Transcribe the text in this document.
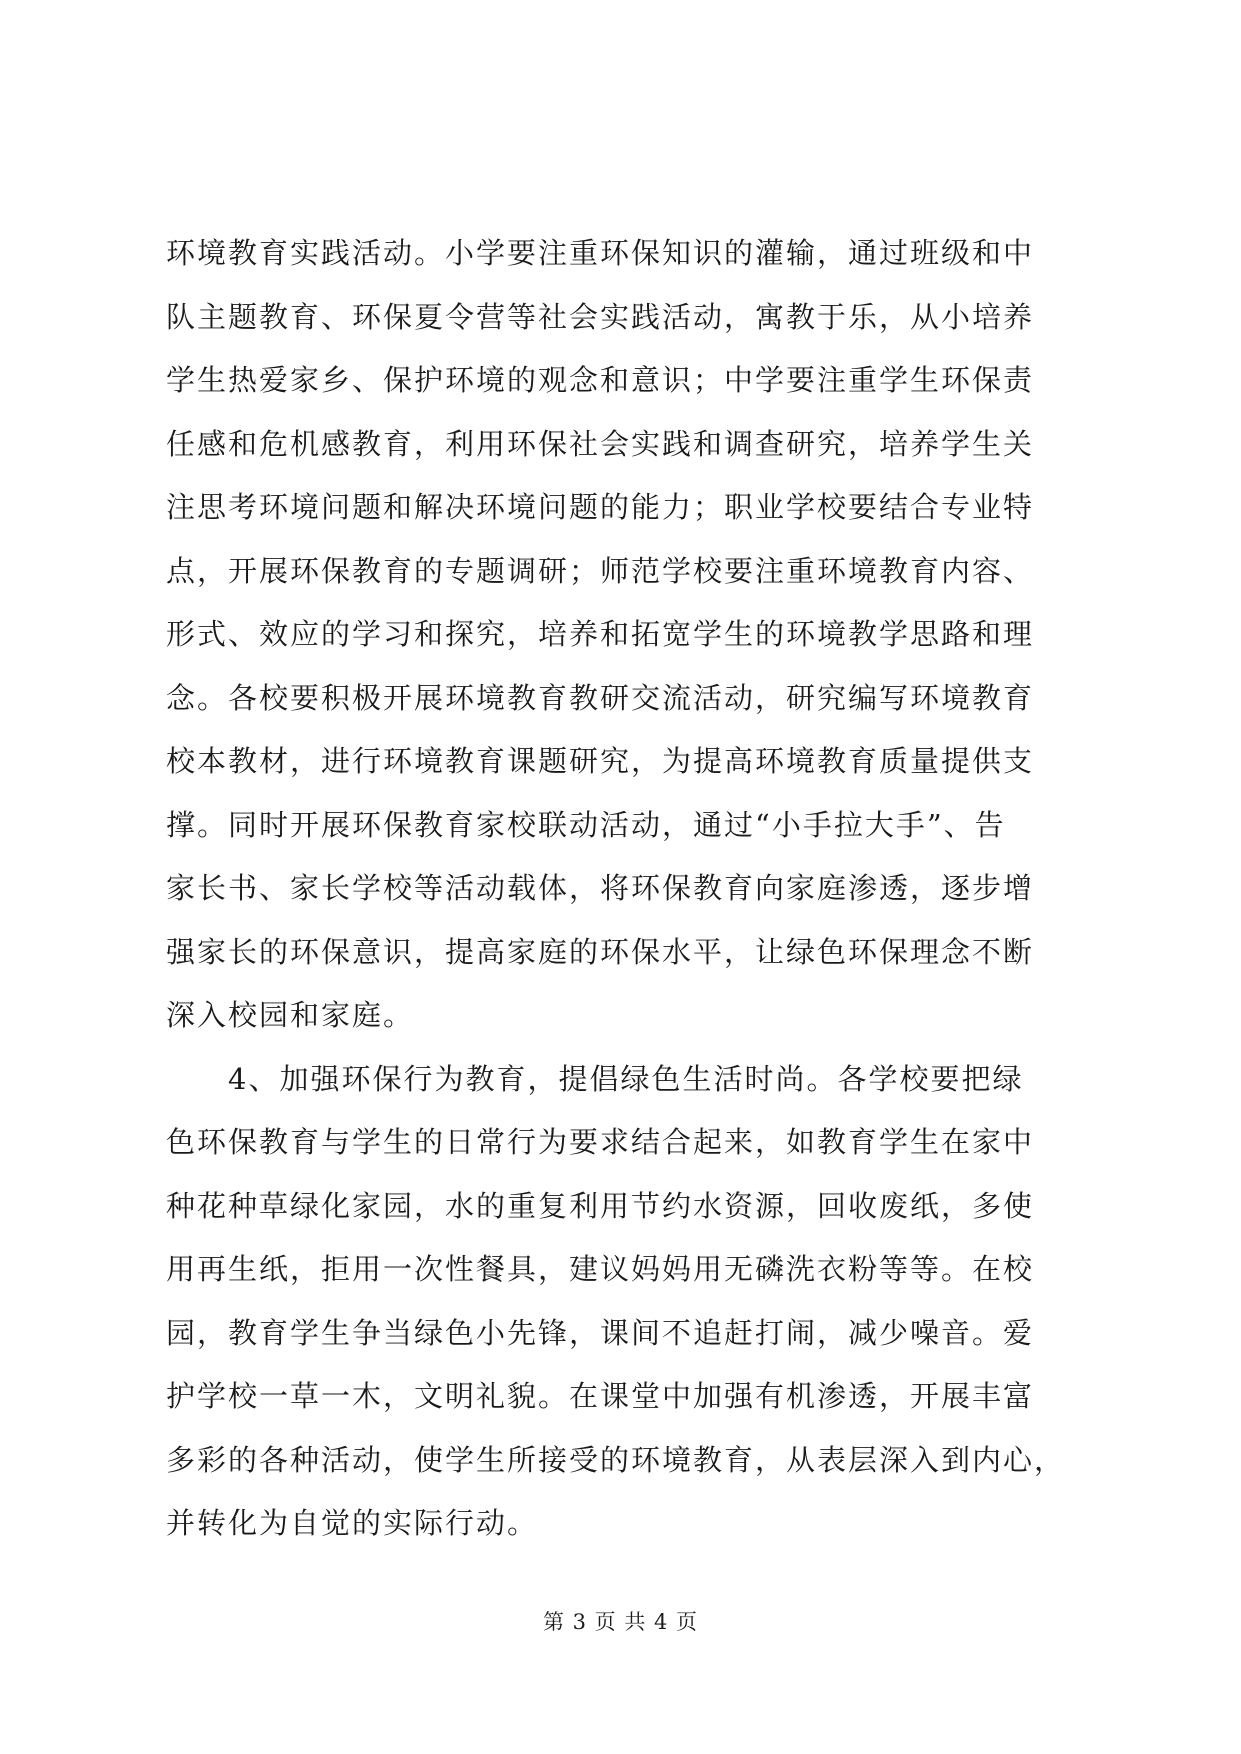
环境教育实践活动。小学要注重环保知识的灌输，通过班级和中
队主题教育、环保夏令营等社会实践活动，寓教于乐，从小培养
学生热爱家乡、保护环境的观念和意识；中学要注重学生环保责
任感和危机感教育，利用环保社会实践和调查研究，培养学生关
注思考环境问题和解决环境问题的能力；职业学校要结合专业特
点，开展环保教育的专题调研；师范学校要注重环境教育内容、
形式、效应的学习和探究，培养和拓宽学生的环境教学思路和理
念。各校要积极开展环境教育教研交流活动，研究编写环境教育
校本教材，进行环境教育课题研究，为提高环境教育质量提供支
撑。同时开展环保教育家校联动活动，通过“小手拉大手”、告
家长书、家长学校等活动载体，将环保教育向家庭渗透，逐步增
强家长的环保意识，提高家庭的环保水平，让绿色环保理念不断
深入校园和家庭。
　　4、加强环保行为教育，提倡绿色生活时尚。各学校要把绿
色环保教育与学生的日常行为要求结合起来，如教育学生在家中
种花种草绿化家园，水的重复利用节约水资源，回收废纸，多使
用再生纸，拒用一次性餐具，建议妈妈用无磷洗衣粉等等。在校
园，教育学生争当绿色小先锋，课间不追赶打闹，减少噪音。爱
护学校一草一木，文明礼貌。在课堂中加强有机渗透，开展丰富
多彩的各种活动，使学生所接受的环境教育，从表层深入到内心，
并转化为自觉的实际行动。
第 3 页 共 4 页
